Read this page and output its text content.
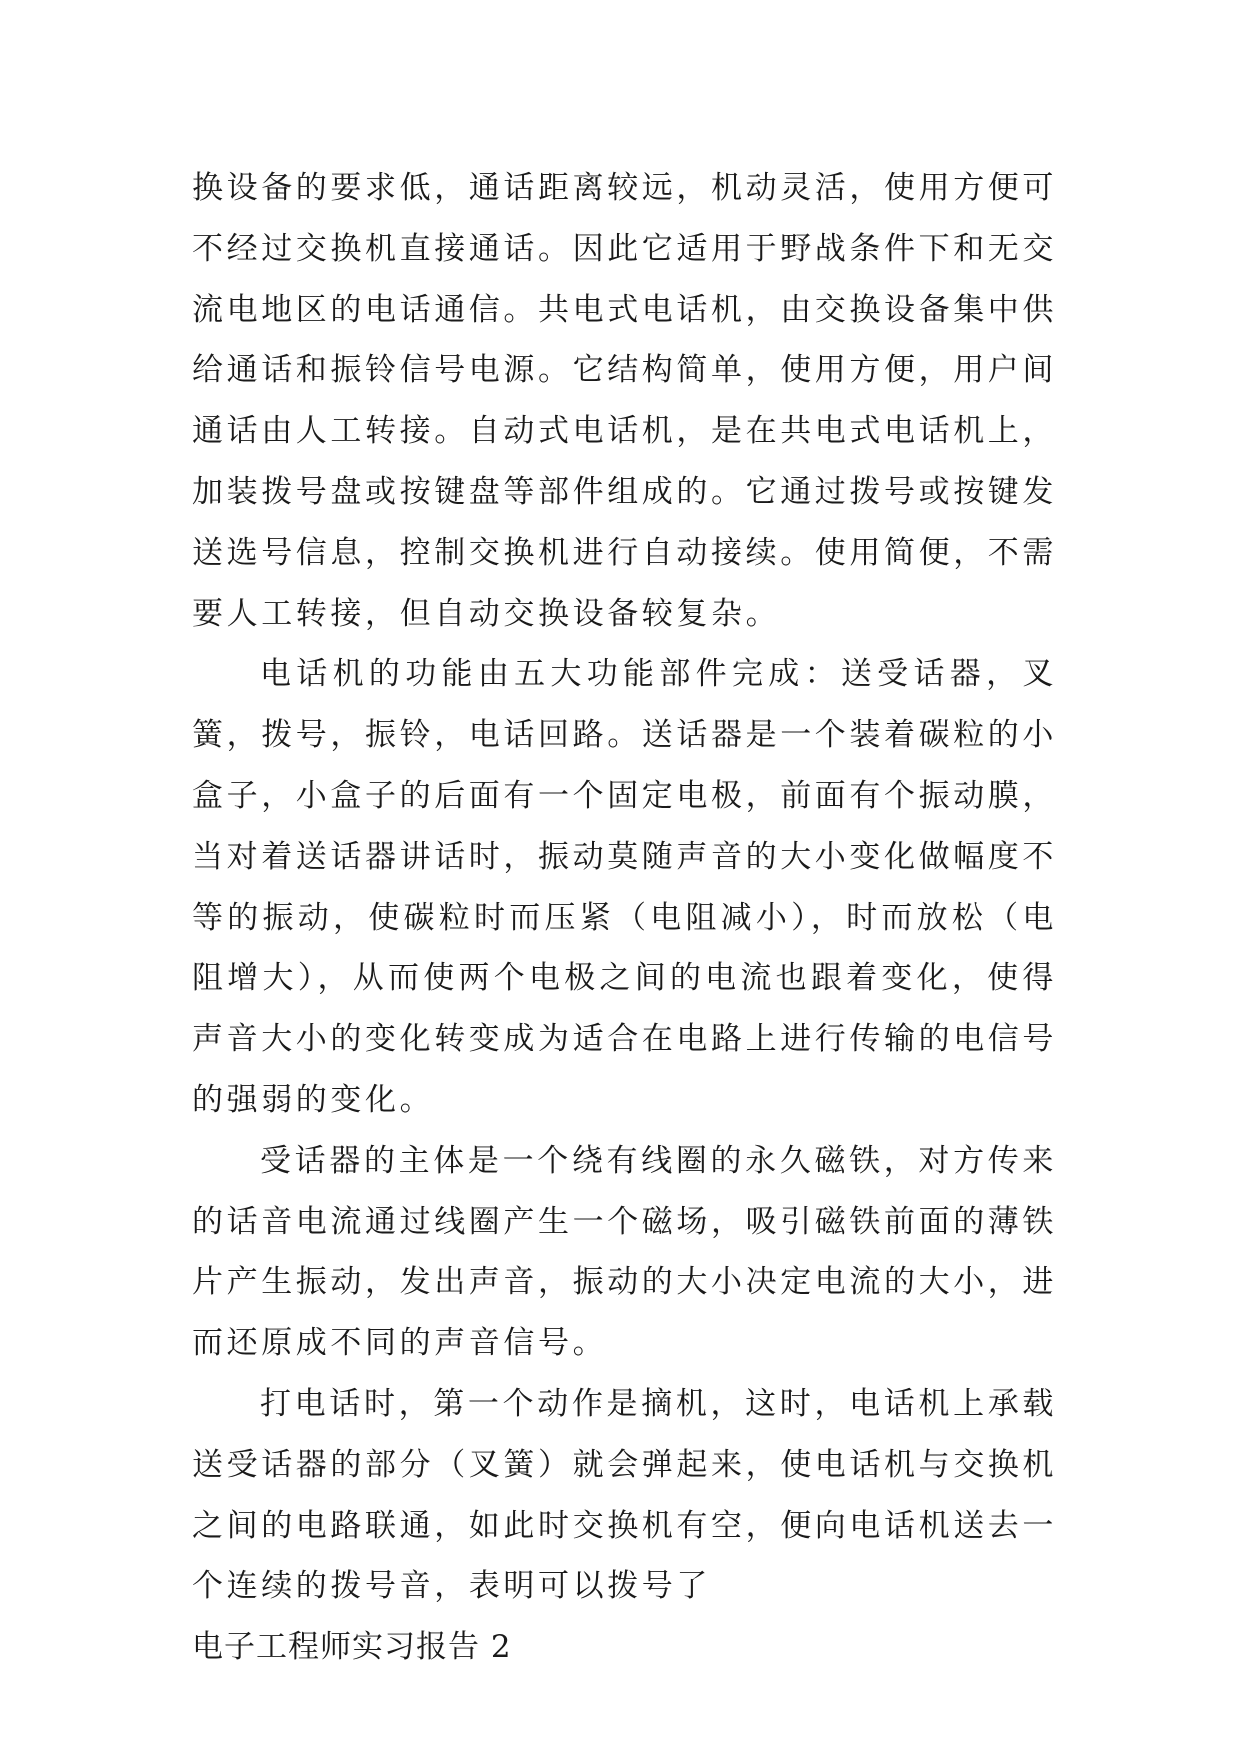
换设备的要求低，通话距离较远，机动灵活，使用方便可不经过交换机直接通话。因此它适用于野战条件下和无交流电地区的电话通信。共电式电话机，由交换设备集中供给通话和振铃信号电源。它结构简单，使用方便，用户间通话由人工转接。自动式电话机，是在共电式电话机上，加装拨号盘或按键盘等部件组成的。它通过拨号或按键发送选号信息，控制交换机进行自动接续。使用简便，不需要人工转接，但自动交换设备较复杂。

电话机的功能由五大功能部件完成：送受话器，叉簧，拨号，振铃，电话回路。送话器是一个装着碳粒的小盒子，小盒子的后面有一个固定电极，前面有个振动膜，当对着送话器讲话时，振动莫随声音的大小变化做幅度不等的振动，使碳粒时而压紧（电阻减小），时而放松（电阻增大），从而使两个电极之间的电流也跟着变化，使得声音大小的变化转变成为适合在电路上进行传输的电信号的强弱的变化。

受话器的主体是一个绕有线圈的永久磁铁，对方传来的话音电流通过线圈产生一个磁场，吸引磁铁前面的薄铁片产生振动，发出声音，振动的大小决定电流的大小，进而还原成不同的声音信号。

打电话时，第一个动作是摘机，这时，电话机上承载送受话器的部分（叉簧）就会弹起来，使电话机与交换机之间的电路联通，如此时交换机有空，便向电话机送去一个连续的拨号音，表明可以拨号了

电子工程师实习报告 2
